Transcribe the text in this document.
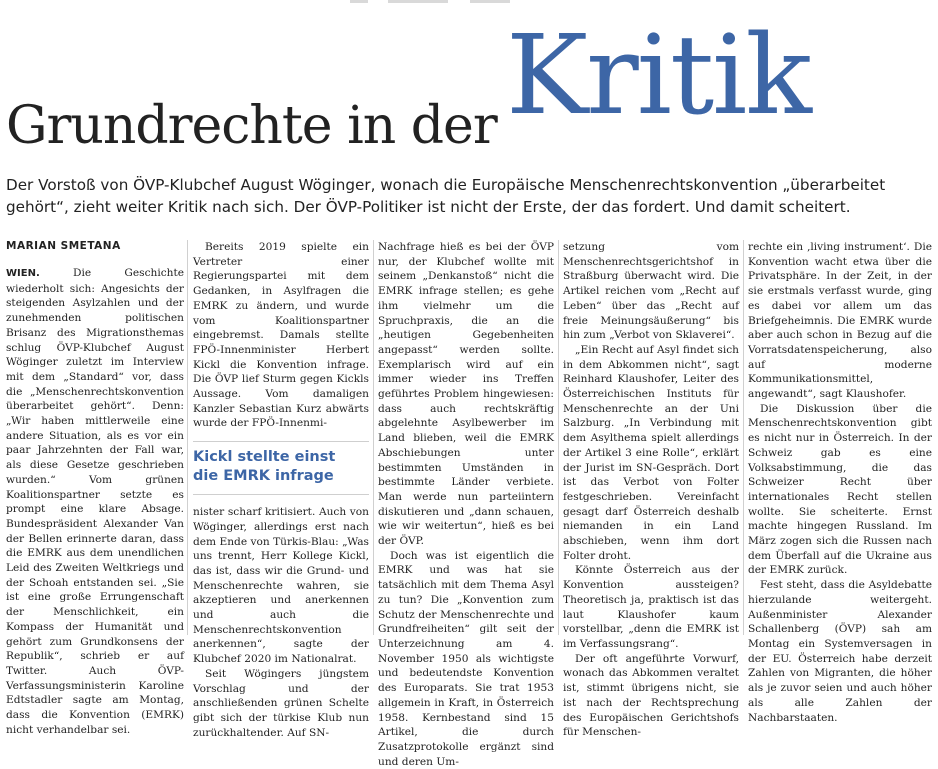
Grundrechte in der Kritik
Der Vorstoß von ÖVP-Klubchef August Wöginger, wonach die Europäische Menschenrechtskonvention „überarbeitet
gehört“, zieht weiter Kritik nach sich. Der ÖVP-Politiker ist nicht der Erste, der das fordert. Und damit scheitert.
MARIAN SMETANA

WIEN. Die Geschichte wiederholt sich: Angesichts der steigenden Asylzahlen und der zunehmenden politischen Brisanz des Migrationsthemas schlug ÖVP-Klubchef August Wöginger zuletzt im Interview mit dem „Standard“ vor, dass die „Menschenrechtskonvention überarbeitet gehört“. Denn: „Wir haben mittlerweile eine andere Situation, als es vor ein paar Jahrzehnten der Fall war, als diese Gesetze geschrieben wurden.“ Vom grünen Koalitionspartner setzte es prompt eine klare Absage. Bundespräsident Alexander Van der Bellen erinnerte daran, dass die EMRK aus dem unendlichen Leid des Zweiten Weltkriegs und der Schoah entstanden sei. „Sie ist eine große Errungenschaft der Menschlichkeit, ein Kompass der Humanität und gehört zum Grundkonsens der Republik“, schrieb er auf Twitter. Auch ÖVP-Verfassungsministerin Karoline Edtstadler sagte am Montag, dass die Konvention (EMRK) nicht verhandelbar sei.

Bereits 2019 spielte ein Vertreter einer Regierungspartei mit dem Gedanken, in Asylfragen die EMRK zu ändern, und wurde vom Koalitionspartner eingebremst. Damals stellte FPÖ-Innenminister Herbert Kickl die Konvention infrage. Die ÖVP lief Sturm gegen Kickls Aussage. Vom damaligen Kanzler Sebastian Kurz abwärts wurde der FPÖ-Innenmi-

Kickl stellte einst
die EMRK infrage

nister scharf kritisiert. Auch von Wöginger, allerdings erst nach dem Ende von Türkis-Blau: „Was uns trennt, Herr Kollege Kickl, das ist, dass wir die Grund- und Menschenrechte wahren, sie akzeptieren und anerkennen und auch die Menschenrechtskonvention anerkennen“, sagte der Klubchef 2020 im Nationalrat.

Seit Wögingers jüngstem Vorschlag und der anschließenden grünen Schelte gibt sich der türkise Klub nun zurückhaltender. Auf SN-

Nachfrage hieß es bei der ÖVP nur, der Klubchef wollte mit seinem „Denkanstoß“ nicht die EMRK infrage stellen; es gehe ihm vielmehr um die Spruchpraxis, die an die „heutigen Gegebenheiten angepasst“ werden sollte. Exemplarisch wird auf ein immer wieder ins Treffen geführtes Problem hingewiesen: dass auch rechtskräftig abgelehnte Asylbewerber im Land blieben, weil die EMRK Abschiebungen unter bestimmten Umständen in bestimmte Länder verbiete. Man werde nun parteiintern diskutieren und „dann schauen, wie wir weitertun“, hieß es bei der ÖVP.

Doch was ist eigentlich die EMRK und was hat sie tatsächlich mit dem Thema Asyl zu tun? Die „Konvention zum Schutz der Menschenrechte und Grundfreiheiten“ gilt seit der Unterzeichnung am 4. November 1950 als wichtigste und bedeutendste Konvention des Europarats. Sie trat 1953 allgemein in Kraft, in Österreich 1958. Kernbestand sind 15 Artikel, die durch Zusatzprotokolle ergänzt sind und deren Um-

setzung vom Menschenrechtsgerichtshof in Straßburg überwacht wird. Die Artikel reichen vom „Recht auf Leben“ über das „Recht auf freie Meinungsäußerung“ bis hin zum „Verbot von Sklaverei“.

„Ein Recht auf Asyl findet sich in dem Abkommen nicht“, sagt Reinhard Klaushofer, Leiter des Österreichischen Instituts für Menschenrechte an der Uni Salzburg. „In Verbindung mit dem Asylthema spielt allerdings der Artikel 3 eine Rolle“, erklärt der Jurist im SN-Gespräch. Dort ist das Verbot von Folter festgeschrieben. Vereinfacht gesagt darf Österreich deshalb niemanden in ein Land abschieben, wenn ihm dort Folter droht.

Könnte Österreich aus der Konvention aussteigen? Theoretisch ja, praktisch ist das laut Klaushofer kaum vorstellbar, „denn die EMRK ist im Verfassungsrang“.

Der oft angeführte Vorwurf, wonach das Abkommen veraltet ist, stimmt übrigens nicht, sie ist nach der Rechtsprechung des Europäischen Gerichtshofs für Menschen-

rechte ein ‚living instrument‘. Die Konvention wacht etwa über die Privatsphäre. In der Zeit, in der sie erstmals verfasst wurde, ging es dabei vor allem um das Briefgeheimnis. Die EMRK wurde aber auch schon in Bezug auf die Vorratsdatenspeicherung, also auf moderne Kommunikationsmittel, angewandt“, sagt Klaushofer.

Die Diskussion über die Menschenrechtskonvention gibt es nicht nur in Österreich. In der Schweiz gab es eine Volksabstimmung, die das Schweizer Recht über internationales Recht stellen wollte. Sie scheiterte. Ernst machte hingegen Russland. Im März zogen sich die Russen nach dem Überfall auf die Ukraine aus der EMRK zurück.

Fest steht, dass die Asyldebatte hierzulande weitergeht. Außenminister Alexander Schallenberg (ÖVP) sah am Montag ein Systemversagen in der EU. Österreich habe derzeit Zahlen von Migranten, die höher als je zuvor seien und auch höher als alle Zahlen der Nachbarstaaten.
